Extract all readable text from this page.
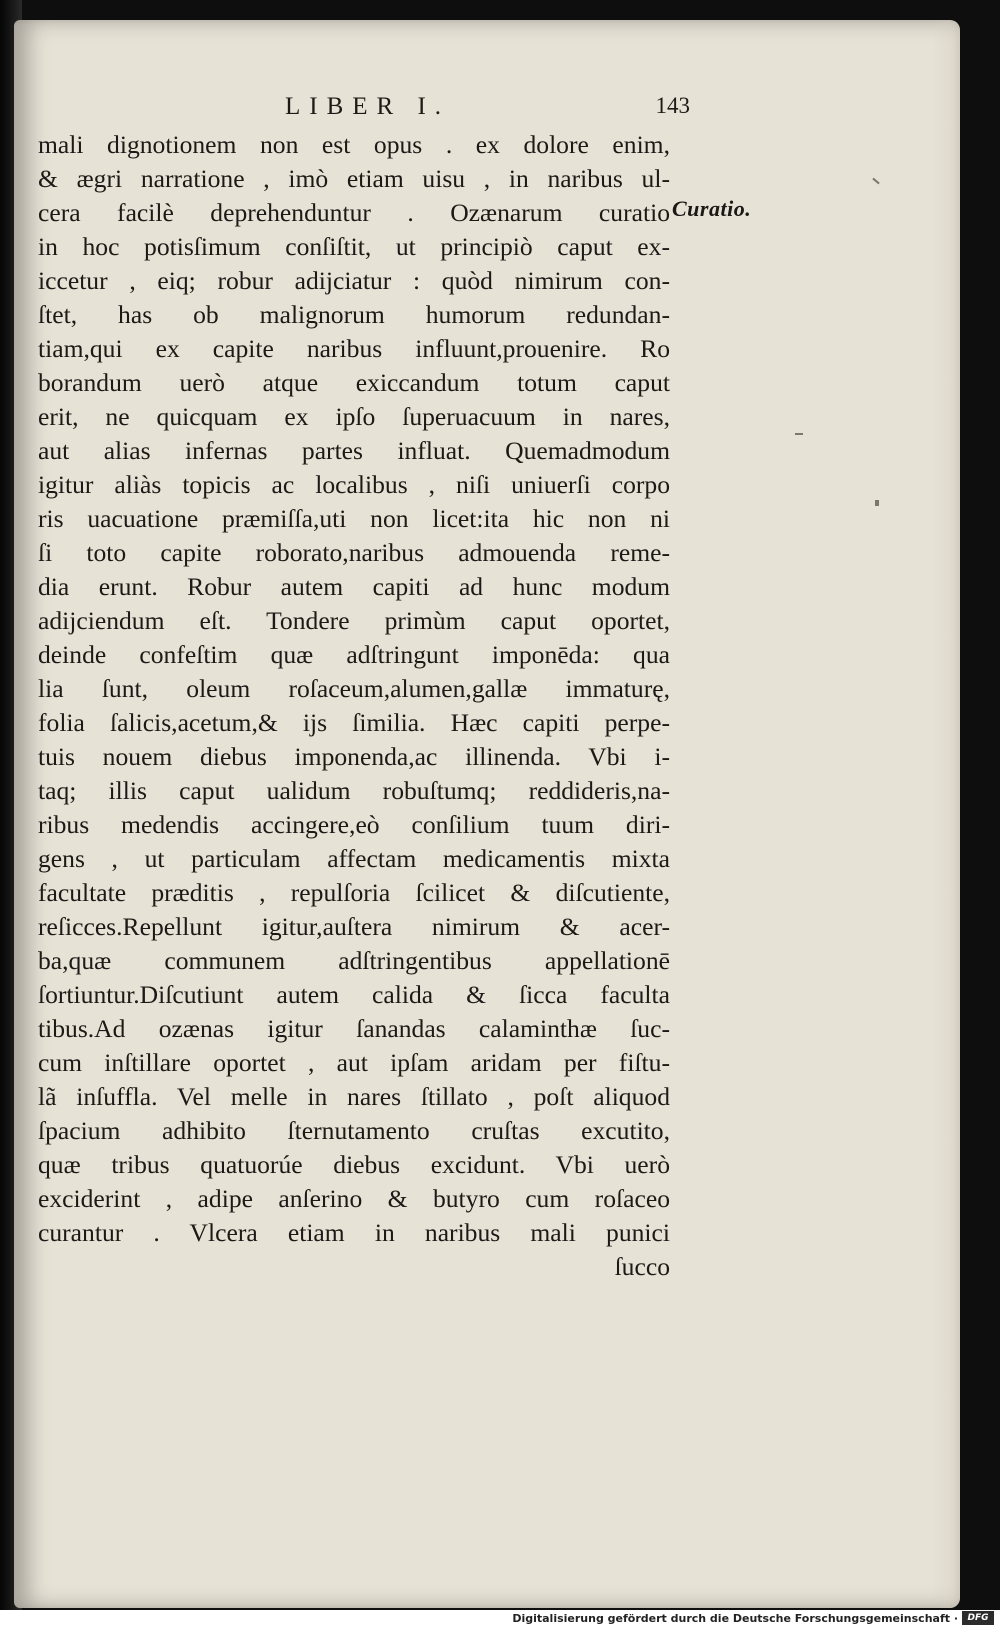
LIBER I.	143
mali dignotionem non est opus . ex dolore enim,
& ægri narratione , imò etiam uisu , in naribus ul-
cera facilè deprehenduntur . Ozænarum curatio
in hoc potisſimum conſiſtit, ut principiò caput ex-
iccetur , eiq; robur adijciatur : quòd nimirum con-
ſtet, has ob malignorum humorum redundan-
tiam,qui ex capite naribus influunt,prouenire. Ro
borandum uerò atque exiccandum totum caput
erit, ne quicquam ex ipſo ſuperuacuum in nares,
aut alias infernas partes influat. Quemadmodum
igitur aliàs topicis ac localibus , niſi uniuerſi corpo
ris uacuatione præmiſſa,uti non licet:ita hic non ni
ſi toto capite roborato,naribus admouenda reme-
dia erunt. Robur autem capiti ad hunc modum
adijciendum eſt. Tondere primùm caput oportet,
deinde confeſtim quæ adſtringunt imponēda: qua
lia ſunt, oleum roſaceum,alumen,gallæ immaturę,
folia ſalicis,acetum,& ijs ſimilia. Hæc capiti perpe-
tuis nouem diebus imponenda,ac illinenda. Vbi i-
taq; illis caput ualidum robuſtumq; reddideris,na-
ribus medendis accingere,eò conſilium tuum diri-
gens , ut particulam affectam medicamentis mixta
facultate præditis , repulſoria ſcilicet & diſcutiente,
reſicces.Repellunt igitur,auſtera nimirum & acer-
ba,quæ communem adſtringentibus appellationē
ſortiuntur.Diſcutiunt autem calida & ſicca faculta
tibus.Ad ozænas igitur ſanandas calaminthæ ſuc-
cum inſtillare oportet , aut ipſam aridam per fiſtu-
lã inſuffla. Vel melle in nares ſtillato , poſt aliquod
ſpacium adhibito ſternutamento cruſtas excutito,
quæ tribus quatuorúe diebus excidunt. Vbi uerò
exciderint , adipe anſerino & butyro cum roſaceo
curantur . Vlcera etiam in naribus mali punici
ſucco
Curatio.
Digitalisierung gefördert durch die Deutsche Forschungsgemeinschaft ·	DFG
